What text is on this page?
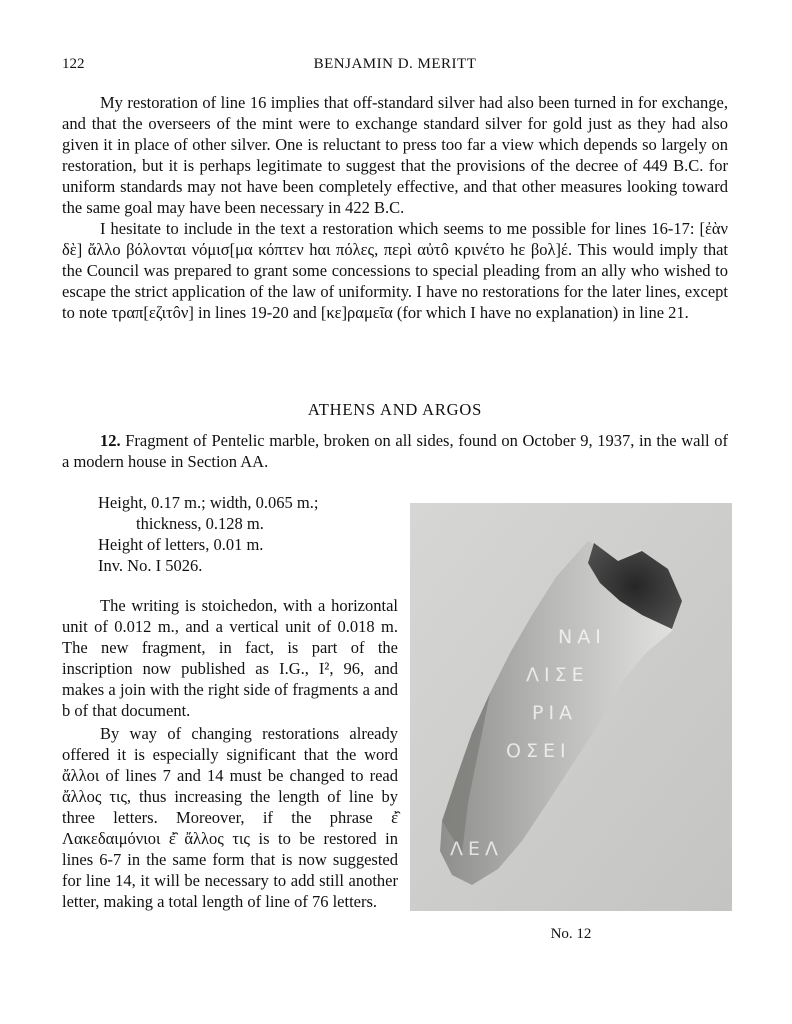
122	BENJAMIN D. MERITT

My restoration of line 16 implies that off-standard silver had also been turned in for exchange, and that the overseers of the mint were to exchange standard silver for gold just as they had also given it in place of other silver. One is reluctant to press too far a view which depends so largely on restoration, but it is perhaps legitimate to suggest that the provisions of the decree of 449 B.C. for uniform standards may not have been completely effective, and that other measures looking toward the same goal may have been necessary in 422 B.C.

I hesitate to include in the text a restoration which seems to me possible for lines 16-17: [ἐὰν δὲ] ἄλλο βόλονται νόμισ[μα κόπτεν hαι πόλες, περὶ αὐτô κρινέτο hε βολ]έ. This would imply that the Council was prepared to grant some concessions to special pleading from an ally who wished to escape the strict application of the law of uniformity. I have no restorations for the later lines, except to note τραπ[εζιτôν] in lines 19-20 and [κε]ραμεῖα (for which I have no explanation) in line 21.

ATHENS AND ARGOS

12. Fragment of Pentelic marble, broken on all sides, found on October 9, 1937, in the wall of a modern house in Section AA.

Height, 0.17 m.; width, 0.065 m.;
thickness, 0.128 m.
Height of letters, 0.01 m.
Inv. No. I 5026.

The writing is stoichedon, with a horizontal unit of 0.012 m., and a vertical unit of 0.018 m. The new fragment, in fact, is part of the inscription now published as I.G., I², 96, and makes a join with the right side of fragments a and b of that document.

By way of changing restorations already offered it is especially significant that the word ἄλλοι of lines 7 and 14 must be changed to read ἄλλος τις, thus increasing the length of line by three letters. Moreover, if the phrase ἐ̑ Λακεδαιμόνιοι ἐ̑ ἄλλος τις is to be restored in lines 6-7 in the same form that is now suggested for line 14, it will be necessary to add still another letter, making a total length of line of 76 letters.

ΝΑΙ
ΛΙΣΕ
ΡΙΑ
ΟΣΕΙ
ΛΕΛ
No. 12
